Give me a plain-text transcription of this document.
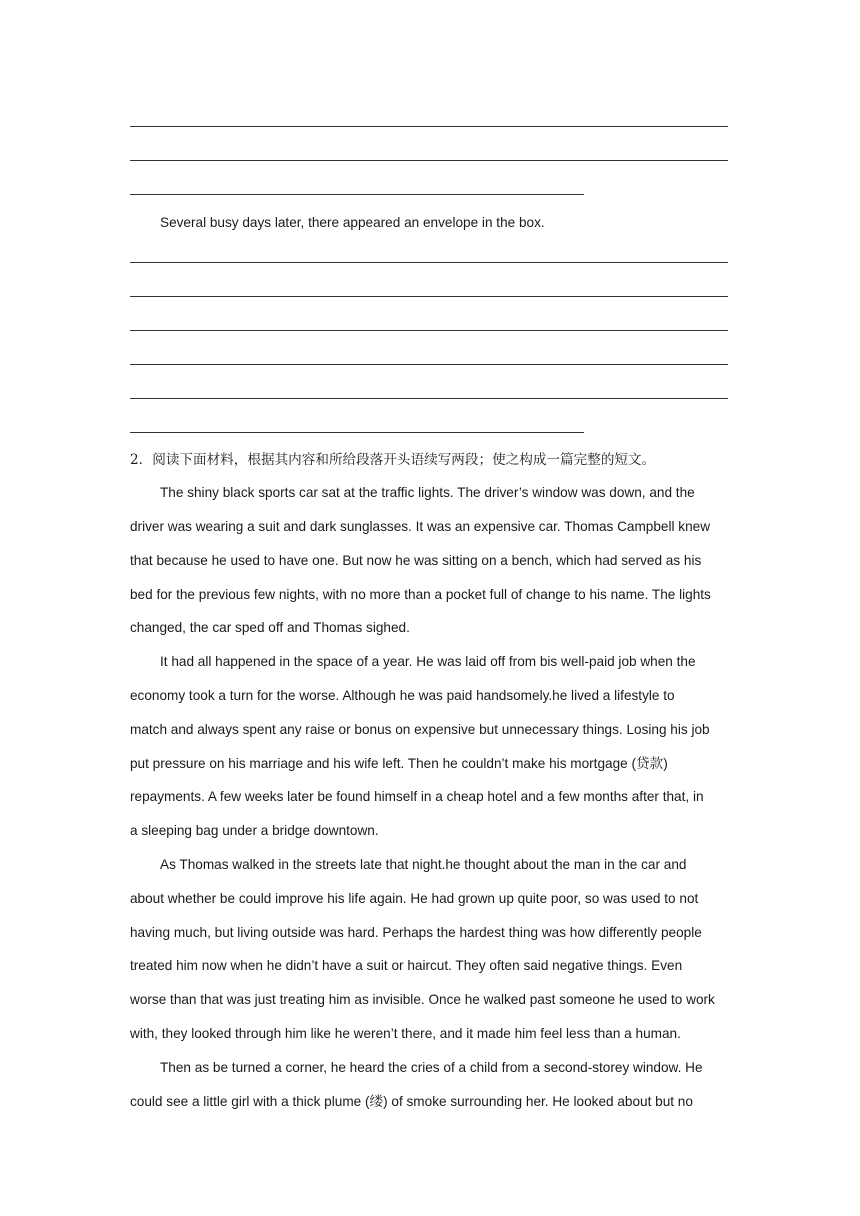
Several busy days later, there appeared an envelope in the box.
2．阅读下面材料，根据其内容和所给段落开头语续写两段；使之构成一篇完整的短文。
The shiny black sports car sat at the traffic lights. The driver’s window was down, and the
driver was wearing a suit and dark sunglasses. It was an expensive car. Thomas Campbell knew
that because he used to have one. But now he was sitting on a bench, which had served as his
bed for the previous few nights, with no more than a pocket full of change to his name. The lights
changed, the car sped off and Thomas sighed.
It had all happened in the space of a year. He was laid off from bis well-paid job when the
economy took a turn for the worse. Although he was paid handsomely.he lived a lifestyle to
match and always spent any raise or bonus on expensive but unnecessary things. Losing his job
put pressure on his marriage and his wife left. Then he couldn’t make his mortgage (贷款)
repayments. A few weeks later be found himself in a cheap hotel and a few months after that, in
a sleeping bag under a bridge downtown.
As Thomas walked in the streets late that night.he thought about the man in the car and
about whether be could improve his life again. He had grown up quite poor, so was used to not
having much, but living outside was hard. Perhaps the hardest thing was how differently people
treated him now when he didn’t have a suit or haircut. They often said negative things. Even
worse than that was just treating him as invisible. Once he walked past someone he used to work
with, they looked through him like he weren’t there, and it made him feel less than a human.
Then as be turned a corner, he heard the cries of a child from a second-storey window. He
could see a little girl with a thick plume (缕) of smoke surrounding her. He looked about but no
